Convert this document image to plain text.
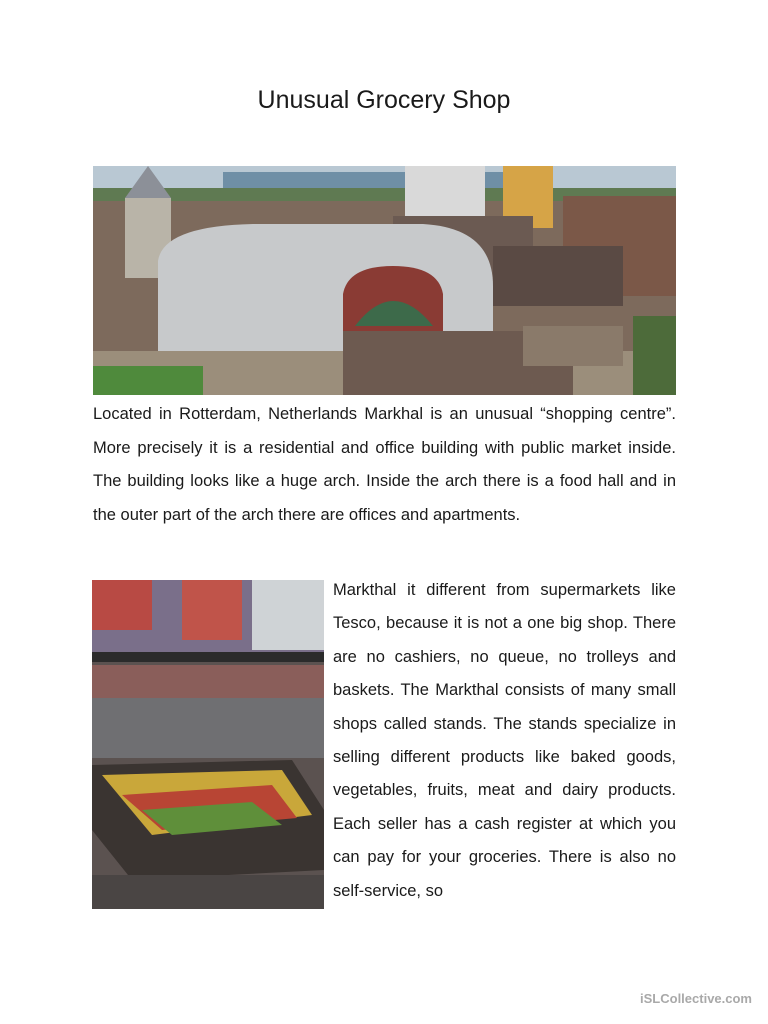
Unusual Grocery Shop

Located in Rotterdam, Netherlands Markhal is an unusual “shopping centre”. More precisely it is a residential and office building with public market inside. The building looks like a huge arch. Inside the arch there is a food hall and in the outer part of the arch there are offices and apartments.

Markthal it different from supermarkets like Tesco, because it is not a one big shop. There are no cashiers, no queue, no trolleys and baskets. The Markthal consists of many small shops called stands. The stands specialize in selling different products like baked goods, vegetables, fruits, meat and dairy products. Each seller has a cash register at which you can pay for your groceries. There is also no self-service, so

iSLCollective.com
